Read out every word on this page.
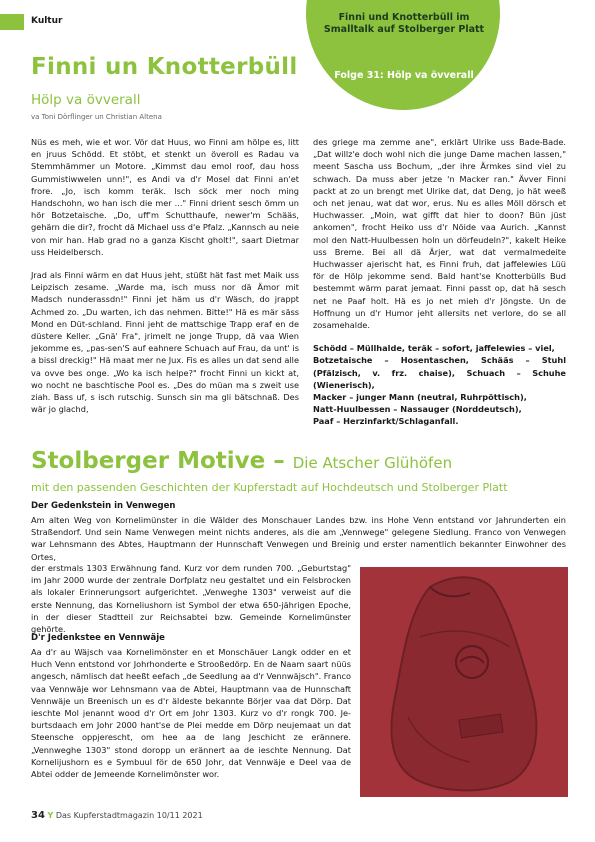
Kultur	Finni und Knotterbüll im Smalltalk auf Stolberger Platt
Folge 31: Hölp va övverall
Finni un Knotterbüll
Hölp va övverall
va Toni Dörflinger un Christian Altena

Nüs es meh, wie et wor. Vör dat Huus, wo Finni am hölpe es, litt en jruus Schödd. Et stöbt, et stenkt un överoll es Radau va Stemmhämmer un Motore. „Kimmst dau emol roof, dau hoss Gummistiwwelen unn!", es Andi va d'r Mosel dat Finni an'et frore. „Jo, isch komm teräk. Isch söck mer noch ming Handschohn, wo han isch die mer ..." Finni drient sesch ömm un hör Botzetaische. „Do, uff'm Schutthaufe, newer'm Schääs, gehärn die dir?, frocht dä Michael uss d'e Pfalz. „Kannsch au neie von mir han. Hab grad no a ganza Kischt gholt!", saart Dietmar uss Heidelbersch.

Jrad als Finni wärm en dat Huus jeht, stüßt hät fast met Maik uss Leipzisch zesame. „Warde ma, isch muss nor dä Ämor mit Madsch nunderassdn!" Finni jet häm us d'r Wäsch, do jrappt Achmed zo. „Du warten, ich das nehmen. Bitte!" Hä es mär säss Mond en Düt-schland. Finni jeht de mattschige Trapp eraf en de düstere Keller. „Gnä' Fra", jrimelt ne jonge Trupp, dä vaa Wien jekomme es, „pas-sen'S auf eahnere Schuach auf Frau, da unt' is a bissl dreckig!" Hä maat mer ne Jux. Fis es alles un dat send alle va ovve bes onge. „Wo ka isch helpe?" frocht Finni un kickt at, wo nocht ne baschtische Pool es. „Des do müan ma s zweit use ziah. Bass uf, s isch rutschig. Sunsch sin ma gli bätschnaß. Des wär jo glachd,

des griege ma zemme ane", erklärt Ulrike uss Bade-Bade. „Dat willz'e doch wohl nich die junge Dame machen lassen," meent Sascha uss Bochum, „der ihre Ärmkes sind viel zu schwach. Da muss aber jetze 'n Macker ran." Ävver Finni packt at zo un brengt met Ulrike dat, dat Deng, jo hät weeß och net jenau, wat dat wor, erus. Nu es alles Möll dörsch et Huchwasser. „Moin, wat gifft dat hier to doon? Bün jüst ankomen", frocht Heiko uss d'r Nöide vaa Aurich. „Kannst mol den Natt-Huulbessen holn un dörfeudeln?", kakelt Heike uss Breme. Bei all dä Ärjer, wat dat vermalmedeite Huchwasser ajerischt hat, es Finni fruh, dat jaffelewies Lüü för de Hölp jekomme send. Bald hant'se Knotterbülls Bud bestemmt wärm parat jemaat. Finni passt op, dat hä sesch net ne Paaf holt. Hä es jo net mieh d'r Jöngste. Un de Hoffnung un d'r Humor jeht allersits net verlore, do se all zosamehalde.

Schödd – Müllhalde, teräk – sofort, jaffelewies – viel,
Botzetaische – Hosentaschen, Schääs – Stuhl (Pfälzisch, v. frz. chaise), Schuach – Schuhe (Wienerisch),
Macker – junger Mann (neutral, Ruhrpöttisch),
Natt-Huulbessen – Nassauger (Norddeutsch),
Paaf – Herzinfarkt/Schlaganfall.
Stolberger Motive – Die Atscher Glühöfen
mit den passenden Geschichten der Kupferstadt auf Hochdeutsch und Stolberger Platt
Der Gedenkstein in Venwegen

Am alten Weg von Kornelimünster in die Wälder des Monschauer Landes bzw. ins Hohe Venn entstand vor Jahrunderten ein Straßendorf. Und sein Name Venwegen meint nichts anderes, als die am „Vennwege" gelegene Siedlung. Franco von Venwegen war Lehnsmann des Abtes, Hauptmann der Hunnschaft Venwegen und Breinig und erster namentlich bekannter Einwohner des Ortes,

der erstmals 1303 Erwähnung fand. Kurz vor dem runden 700. „Geburtstag" im Jahr 2000 wurde der zentrale Dorfplatz neu gestaltet und ein Felsbrocken als lokaler Erinnerungsort aufgerichtet. „Venweghe 1303" verweist auf die erste Nennung, das Korneliushorn ist Symbol der etwa 650-jährigen Epoche, in der dieser Stadtteil zur Reichsabtei bzw. Gemeinde Kornelimünster gehörte.

D'r Jedenkstee en Vennwäje

Aa d'r au Wäjsch vaa Kornelimönster en et Monschäuer Langk odder en et Huch Venn entstond vor Johrhonderte e Strooßedörp. En de Naam saart nüüs angesch, nämlisch dat heeßt eefach „de Seedlung aa d'r Vennwäjsch". Franco vaa Vennwäje wor Lehnsmann vaa de Abtei, Hauptmann vaa de Hunnschaft Vennwäje un Breenisch un es d'r äldeste bekannte Börjer vaa dat Dörp. Dat ieschte Mol jenannt wood d'r Ort em Johr 1303. Kurz vo d'r rongk 700. Je-burtsdaach em Johr 2000 hant'se de Plei medde em Dörp neujemaat un dat Steensche oppjerescht, om hee aa de lang Jeschicht ze erännere. „Vennweghe 1303" stond doropp un erännert aa de ieschte Nennung. Dat Kornelijushorn es e Symbuul för de 650 Johr, dat Vennwäje e Deel vaa de Abtei odder de Jemeende Kornelimönster wor.

34 Y Das Kupferstadtmagazin 10/11 2021
